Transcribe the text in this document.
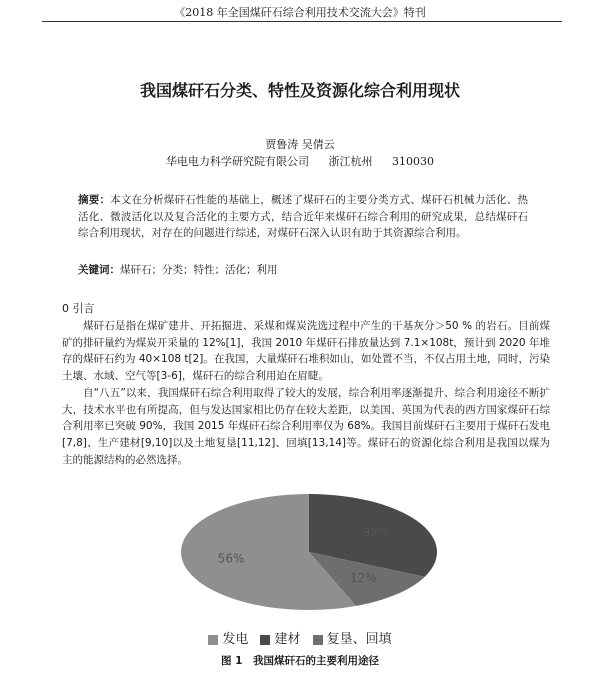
《2018 年全国煤矸石综合利用技术交流大会》特刊
我国煤矸石分类、特性及资源化综合利用现状
贾鲁涛 吴倩云
华电电力科学研究院有限公司 浙江杭州 310030
摘要：本文在分析煤矸石性能的基础上，概述了煤矸石的主要分类方式、煤矸石机械力活化、热活化、微波活化以及复合活化的主要方式，结合近年来煤矸石综合利用的研究成果，总结煤矸石综合利用现状，对存在的问题进行综述，对煤矸石深入认识有助于其资源综合利用。
关键词：煤矸石；分类；特性；活化；利用
0 引言

煤矸石是指在煤矿建井、开拓掘进、采煤和煤炭洗选过程中产生的干基灰分＞50 % 的岩石。目前煤矿的排矸量约为煤炭开采量的 12%[1]，我国 2010 年煤矸石排放量达到 7.1×108t，预计到 2020 年堆存的煤矸石约为 40×108 t[2]。在我国，大量煤矸石堆积如山，如处置不当，不仅占用土地，同时，污染土壤、水域、空气等[3-6]，煤矸石的综合利用迫在眉睫。

自“八五”以来，我国煤矸石综合利用取得了较大的发展，综合利用率逐渐提升、综合利用途径不断扩大，技术水平也有所提高，但与发达国家相比仍存在较大差距，以美国、英国为代表的西方国家煤矸石综合利用率已突破 90%，我国 2015 年煤矸石综合利用率仅为 68%。我国目前煤矸石主要用于煤矸石发电[7,8]、生产建材[9,10]以及土地复垦[11,12]、回填[13,14]等。煤矸石的资源化综合利用是我国以煤为主的能源结构的必然选择。

32%
12%
56%
发电 建材 复垦、回填
图 1　我国煤矸石的主要利用途径
